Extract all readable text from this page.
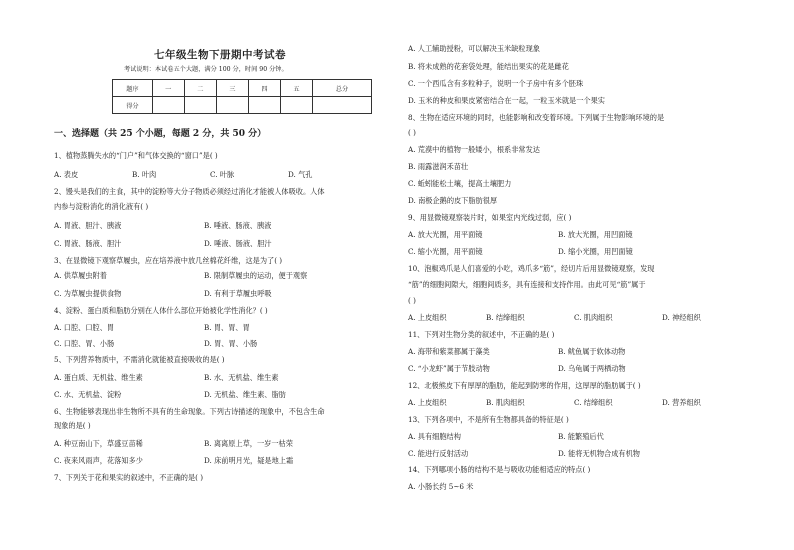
七年级生物下册期中考试卷
考试说明：本试卷五个大题，满分 100 分，时间 90 分钟。
题序	一	二	三	四	五	总分
得分						
一、选择题（共 25 个小题，每题 2 分，共 50 分）
1、植物蒸腾失水的“门户”和气体交换的“窗口”是( )
A. 表皮	B. 叶肉	C. 叶脉	D. 气孔
2、馒头是我们的主食，其中的淀粉等大分子物质必须经过消化才能被人体吸收。人体
内参与淀粉消化的消化液有( )
A. 胃液、胆汁、胰液	B. 唾液、肠液、胰液
C. 胃液、肠液、胆汁	D. 唾液、肠液、胆汁
3、在显微镜下观察草履虫，应在培养液中放几丝棉花纤维，这是为了( )
A. 供草履虫附着	B. 限制草履虫的运动，便于观察
C. 为草履虫提供食物	D. 有利于草履虫呼吸
4、淀粉、蛋白质和脂肪分别在人体什么部位开始被化学性消化？( )
A. 口腔、口腔、胃	B. 胃、胃、胃
C. 口腔、胃、小肠	D. 胃、胃、小肠
5、下列营养物质中，不需消化就能被直接吸收的是( )
A. 蛋白质、无机盐、维生素	B. 水、无机盐、维生素
C. 水、无机盐、淀粉	D. 无机盐、维生素、脂肪
6、生物能够表现出非生物所不具有的生命现象。下列古诗描述的现象中，不包含生命
现象的是( )
A. 种豆南山下，草盛豆苗稀	B. 离离原上草，一岁一枯荣
C. 夜来风雨声，花落知多少	D. 床前明月光，疑是地上霜
7、下列关于花和果实的叙述中，不正确的是( )
A. 人工辅助授粉，可以解决玉米缺粒现象
B. 将未成熟的花套袋处理，能结出果实的花是雌花
C. 一个西瓜含有多粒种子，说明一个子房中有多个胚珠
D. 玉米的种皮和果皮紧密结合在一起，一粒玉米就是一个果实
8、生物在适应环境的同时，也能影响和改变着环境。下列属于生物影响环境的是
( )
A. 荒漠中的植物一般矮小，根系非常发达
B. 雨露滋润禾苗壮
C. 蚯蚓能松土壤，提高土壤肥力
D. 南极企鹅的皮下脂肪很厚
9、用显微镜观察装片时，如果室内光线过弱，应( )
A. 放大光圈，用平面镜	B. 放大光圈，用凹面镜
C. 缩小光圈，用平面镜	D. 缩小光圈，用凹面镜
10、泡椒鸡爪是人们喜爱的小吃，鸡爪多“筋”，经切片后用显微镜观察，发现
“筋”的细胞间隙大，细胞间质多，具有连接和支持作用。由此可见“筋”属于
( )
A. 上皮组织	B. 结缔组织	C. 肌肉组织	D. 神经组织
11、下列对生物分类的叙述中，不正确的是( )
A. 海带和紫菜都属于藻类	B. 鱿鱼属于软体动物
C. “小龙虾”属于节肢动物	D. 乌龟属于两栖动物
12、北极熊皮下有厚厚的脂肪，能起到防寒的作用，这厚厚的脂肪属于( )
A. 上皮组织	B. 肌肉组织	C. 结缔组织	D. 营养组织
13、下列各项中，不是所有生物都具备的特征是( )
A. 具有细胞结构	B. 能繁殖后代
C. 能进行反射活动	D. 能将无机物合成有机物
14、下列哪项小肠的结构不是与吸收功能相适应的特点( )
A. 小肠长约 5~6 米
